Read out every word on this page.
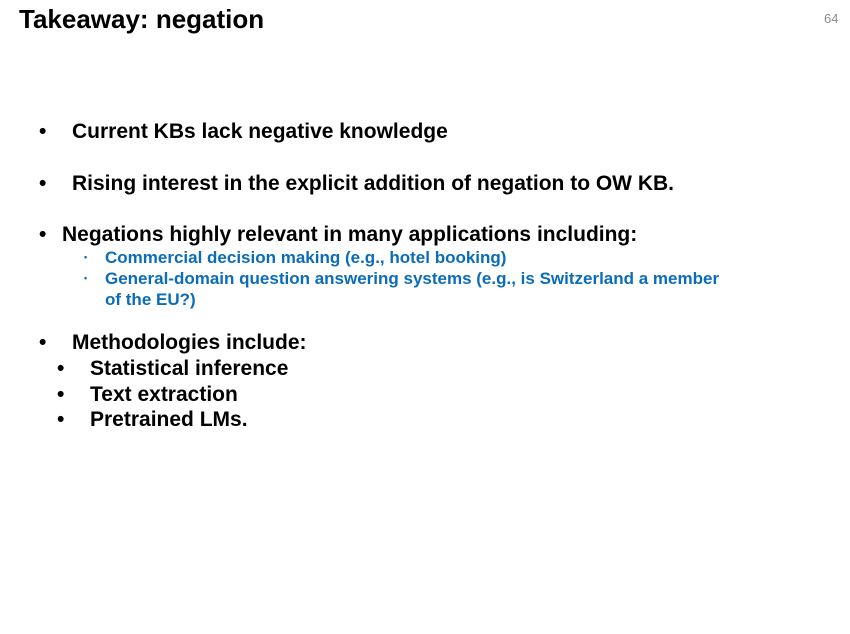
Takeaway: negation	64
• Current KBs lack negative knowledge
• Rising interest in the explicit addition of negation to OW KB.
• Negations highly relevant in many applications including:
• Commercial decision making (e.g., hotel booking)
• General-domain question answering systems (e.g., is Switzerland a member
of the EU?)
• Methodologies include:
• Statistical inference
• Text extraction
• Pretrained LMs.
